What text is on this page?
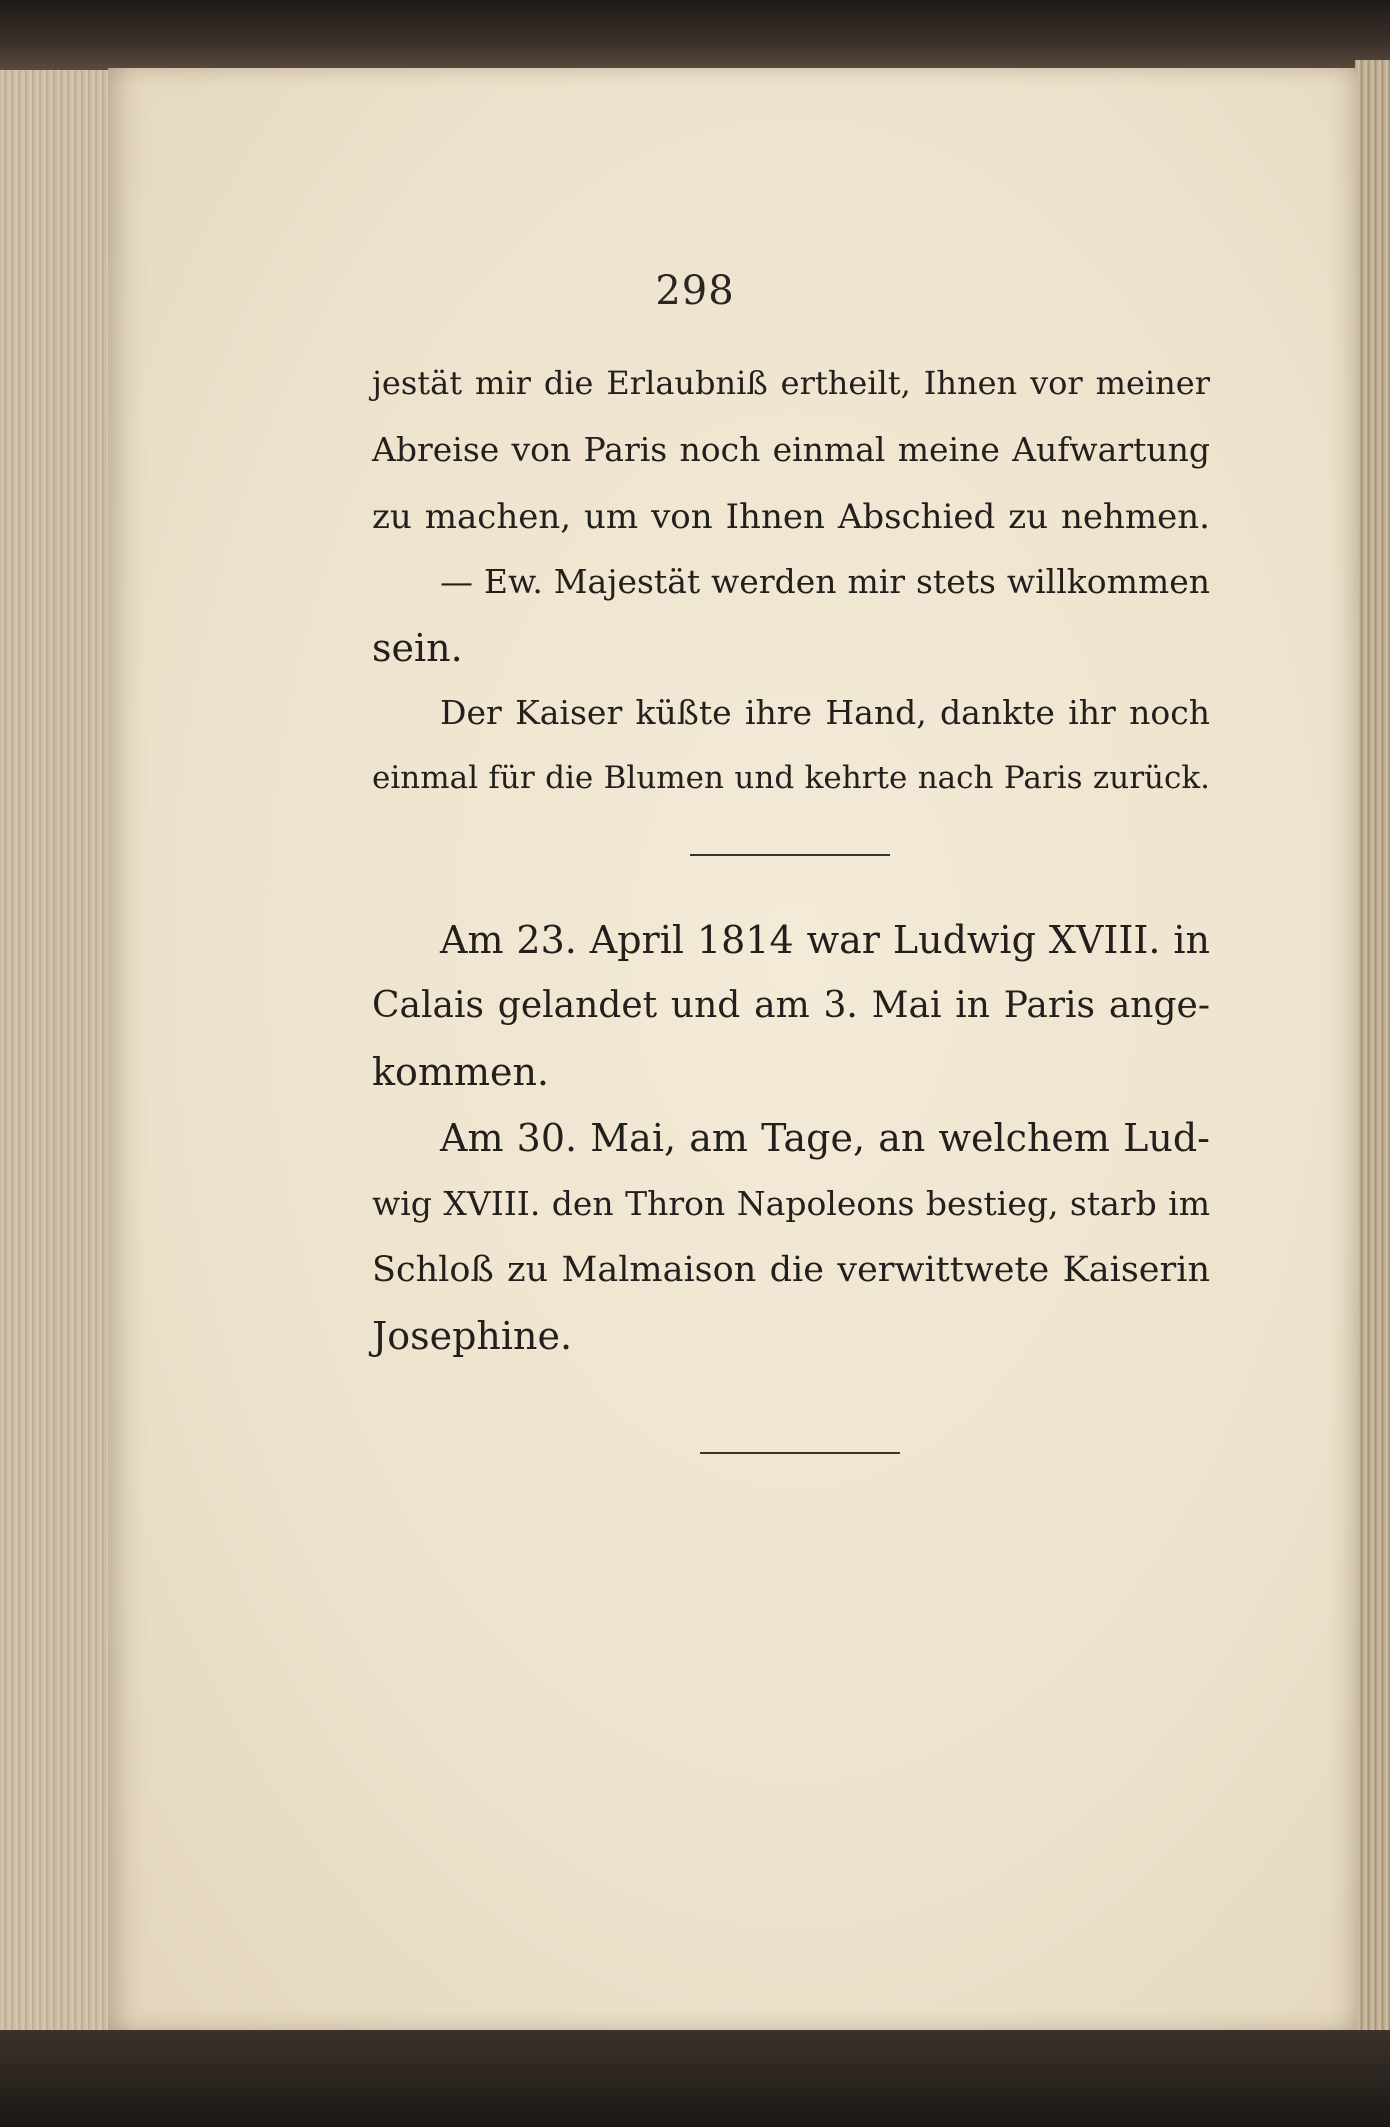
298
jestät mir die Erlaubniß ertheilt, Ihnen vor meiner
Abreise von Paris noch einmal meine Aufwartung
zu machen, um von Ihnen Abschied zu nehmen.
— Ew. Majestät werden mir stets willkommen
sein.
Der Kaiser küßte ihre Hand, dankte ihr noch
einmal für die Blumen und kehrte nach Paris zurück.
Am 23. April 1814 war Ludwig XVIII. in
Calais gelandet und am 3. Mai in Paris ange-
kommen.
Am 30. Mai, am Tage, an welchem Lud-
wig XVIII. den Thron Napoleons bestieg, starb im
Schloß zu Malmaison die verwittwete Kaiserin
Josephine.
